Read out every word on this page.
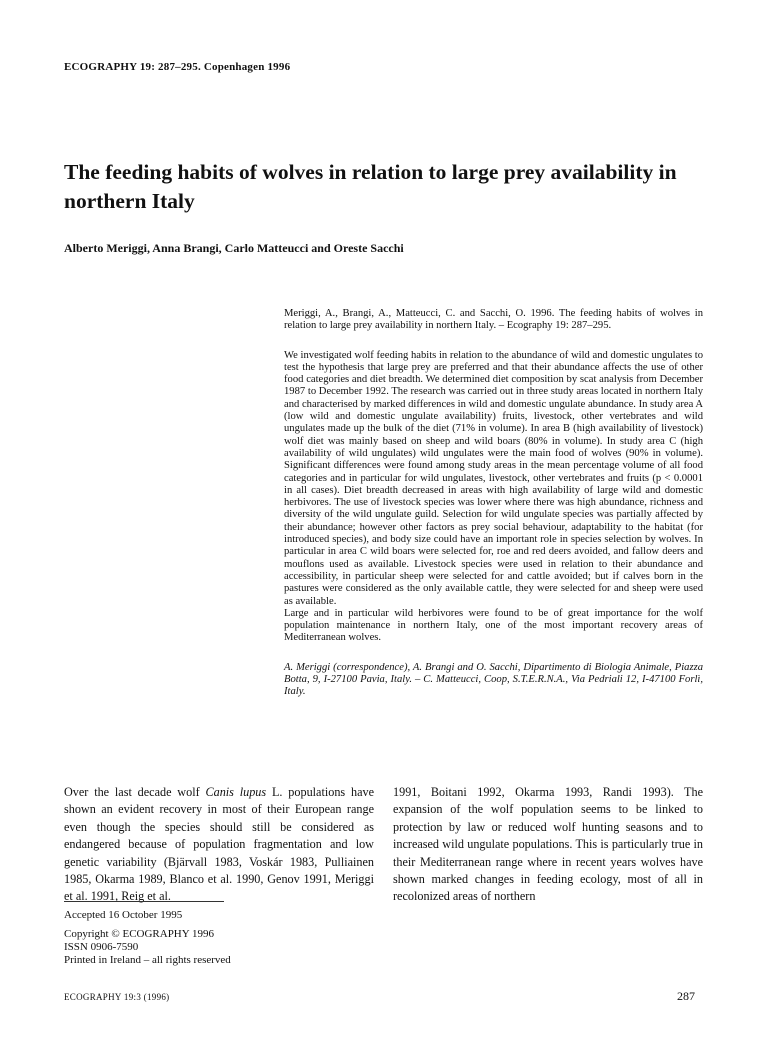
ECOGRAPHY 19: 287–295. Copenhagen 1996
The feeding habits of wolves in relation to large prey availability in northern Italy
Alberto Meriggi, Anna Brangi, Carlo Matteucci and Oreste Sacchi

Meriggi, A., Brangi, A., Matteucci, C. and Sacchi, O. 1996. The feeding habits of wolves in relation to large prey availability in northern Italy. – Ecography 19: 287–295.

We investigated wolf feeding habits in relation to the abundance of wild and domestic ungulates to test the hypothesis that large prey are preferred and that their abundance affects the use of other food categories and diet breadth. We determined diet composition by scat analysis from December 1987 to December 1992. The research was carried out in three study areas located in northern Italy and characterised by marked differences in wild and domestic ungulate abundance. In study area A (low wild and domestic ungulate availability) fruits, livestock, other vertebrates and wild ungulates made up the bulk of the diet (71% in volume). In area B (high availability of livestock) wolf diet was mainly based on sheep and wild boars (80% in volume). In study area C (high availability of wild ungulates) wild ungulates were the main food of wolves (90% in volume). Significant differences were found among study areas in the mean percentage volume of all food categories and in particular for wild ungulates, livestock, other vertebrates and fruits (p < 0.0001 in all cases). Diet breadth decreased in areas with high availability of large wild and domestic herbivores. The use of livestock species was lower where there was high abundance, richness and diversity of the wild ungulate guild. Selection for wild ungulate species was partially affected by their abundance; however other factors as prey social behaviour, adaptability to the habitat (for introduced species), and body size could have an important role in species selection by wolves. In particular in area C wild boars were selected for, roe and red deers avoided, and fallow deers and mouflons used as available. Livestock species were used in relation to their abundance and accessibility, in particular sheep were selected for and cattle avoided; but if calves born in the pastures were considered as the only available cattle, they were selected for and sheep were used as available.

Large and in particular wild herbivores were found to be of great importance for the wolf population maintenance in northern Italy, one of the most important recovery areas of Mediterranean wolves.

A. Meriggi (correspondence), A. Brangi and O. Sacchi, Dipartimento di Biologia Animale, Piazza Botta, 9, I-27100 Pavia, Italy. – C. Matteucci, Coop, S.T.E.R.N.A., Via Pedriali 12, I-47100 Forlì, Italy.

Over the last decade wolf Canis lupus L. populations have shown an evident recovery in most of their European range even though the species should still be considered as endangered because of population fragmentation and low genetic variability (Bjärvall 1983, Voskár 1983, Pulliainen 1985, Okarma 1989, Blanco et al. 1990, Genov 1991, Meriggi et al. 1991, Reig et al.
1991, Boitani 1992, Okarma 1993, Randi 1993). The expansion of the wolf population seems to be linked to protection by law or reduced wolf hunting seasons and to increased wild ungulate populations. This is particularly true in their Mediterranean range where in recent years wolves have shown marked changes in feeding ecology, most of all in recolonized areas of northern
Accepted 16 October 1995
Copyright © ECOGRAPHY 1996
ISSN 0906-7590
Printed in Ireland – all rights reserved
ECOGRAPHY 19:3 (1996)	287
